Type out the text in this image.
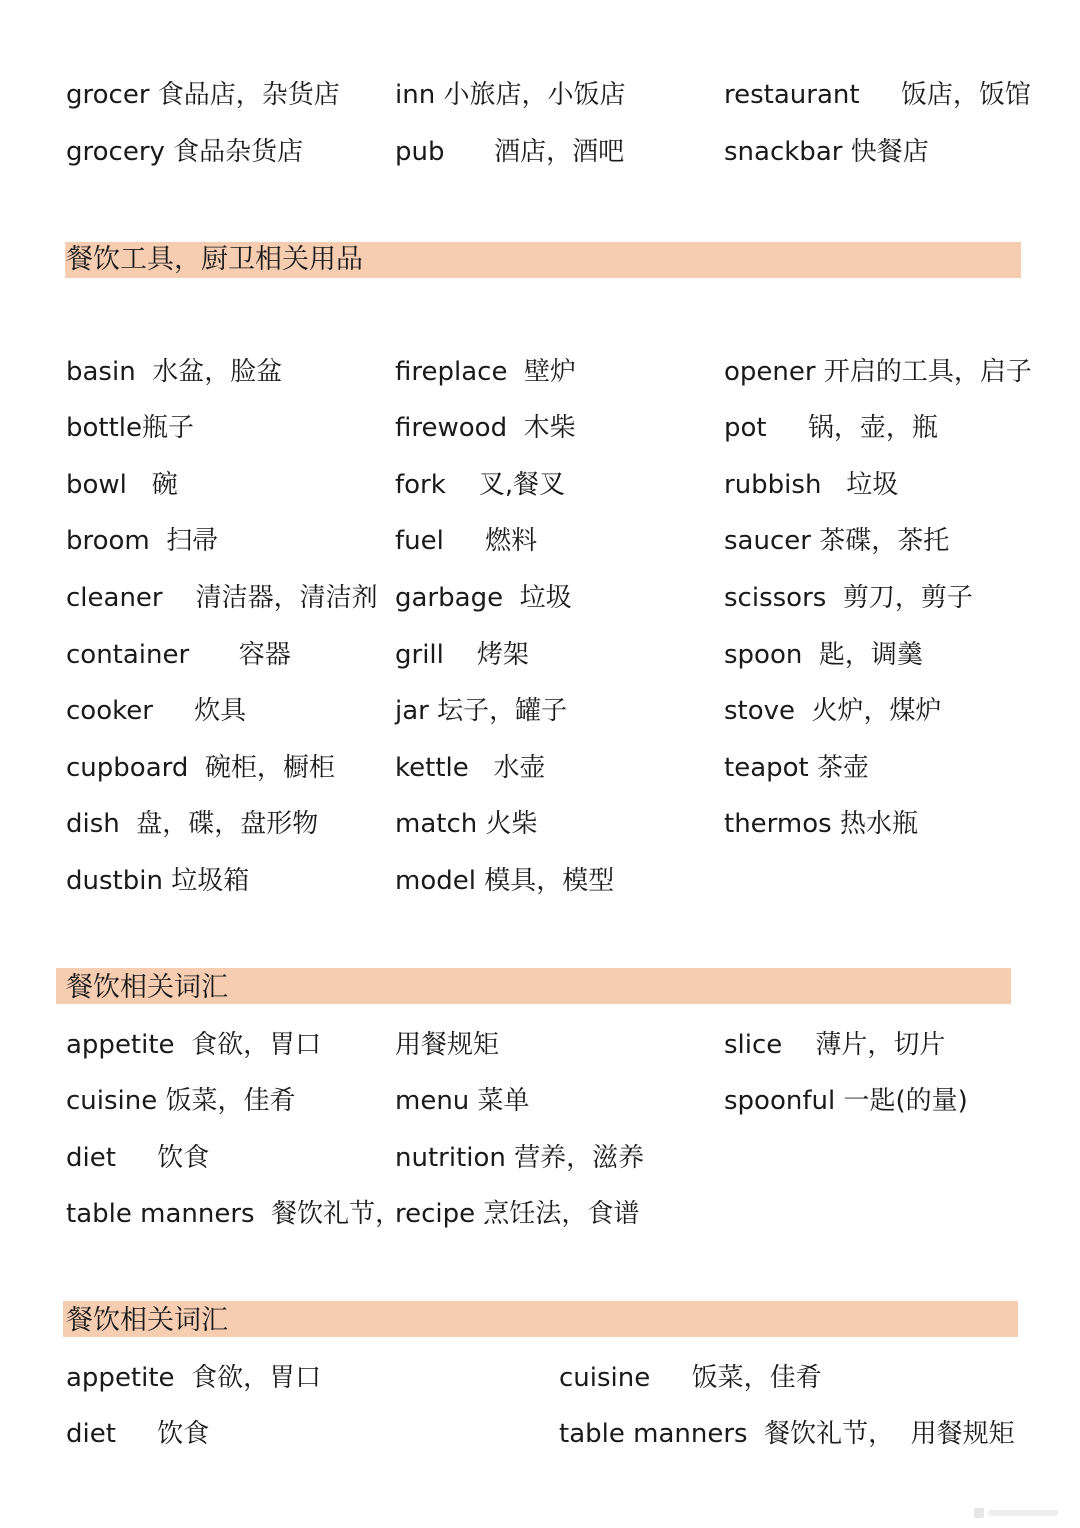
grocer 食品店，杂货店
grocery 食品杂货店
inn 小旅店，小饭店
pub      酒店，酒吧
restaurant     饭店，饭馆
snackbar 快餐店
餐饮工具，厨卫相关用品
basin  水盆，脸盆
bottle瓶子
bowl   碗
broom  扫帚
cleaner    清洁器，清洁剂
container      容器
cooker     炊具
cupboard  碗柜，橱柜
dish  盘，碟，盘形物
dustbin 垃圾箱
fireplace  壁炉
firewood  木柴
fork    叉,餐叉
fuel     燃料
garbage  垃圾
grill    烤架
jar 坛子，罐子
kettle   水壶
match 火柴
model 模具，模型
opener 开启的工具，启子
pot     锅，壶，瓶
rubbish   垃圾
saucer 茶碟，茶托
scissors  剪刀，剪子
spoon  匙，调羹
stove  火炉，煤炉
teapot 茶壶
thermos 热水瓶
餐饮相关词汇
appetite  食欲，胃口
cuisine 饭菜，佳肴
diet     饮食
table manners  餐饮礼节，
用餐规矩
menu 菜单
nutrition 营养，滋养
recipe 烹饪法，食谱
slice    薄片，切片
spoonful 一匙(的量)
餐饮相关词汇
appetite  食欲，胃口
diet     饮食
cuisine     饭菜，佳肴
table manners  餐饮礼节，  用餐规矩
